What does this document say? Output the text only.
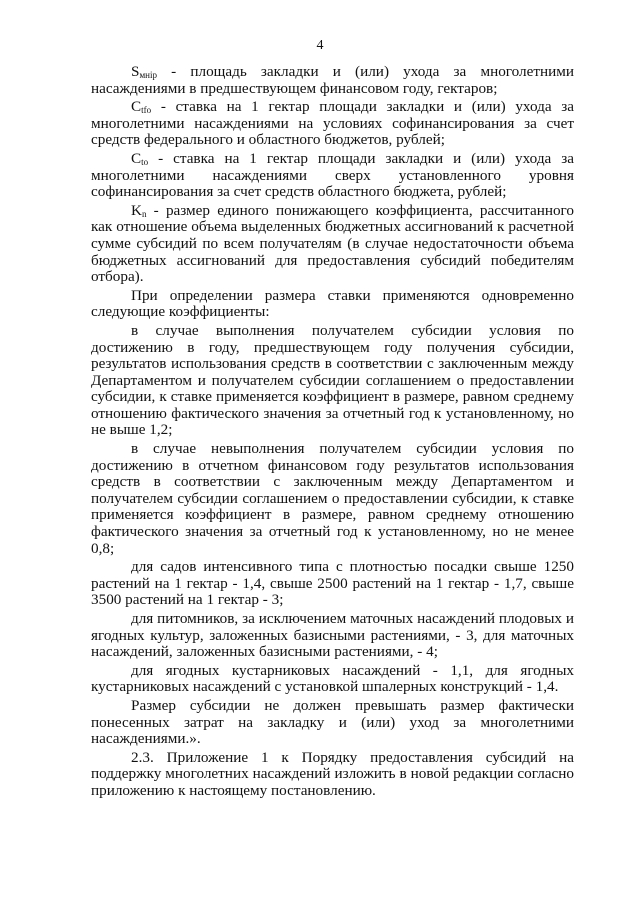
4

$S_{мнір}$ - площадь закладки и (или) ухода за многолетними насаждениями в предшествующем финансовом году, гектаров;

$C_{tfo}$ - ставка на 1 гектар площади закладки и (или) ухода за многолетними насаждениями на условиях софинансирования за счет средств федерального и областного бюджетов, рублей;

$C_{to}$ - ставка на 1 гектар площади закладки и (или) ухода за многолетними насаждениями сверх установленного уровня софинансирования за счет средств областного бюджета, рублей;

$K_n$ - размер единого понижающего коэффициента, рассчитанного как отношение объема выделенных бюджетных ассигнований к расчетной сумме субсидий по всем получателям (в случае недостаточности объема бюджетных ассигнований для предоставления субсидий победителям отбора).

При определении размера ставки применяются одновременно следующие коэффициенты:

в случае выполнения получателем субсидии условия по достижению в году, предшествующем году получения субсидии, результатов использования средств в соответствии с заключенным между Департаментом и получателем субсидии соглашением о предоставлении субсидии, к ставке применяется коэффициент в размере, равном среднему отношению фактического значения за отчетный год к установленному, но не выше 1,2;

в случае невыполнения получателем субсидии условия по достижению в отчетном финансовом году результатов использования средств в соответствии с заключенным между Департаментом и получателем субсидии соглашением о предоставлении субсидии, к ставке применяется коэффициент в размере, равном среднему отношению фактического значения за отчетный год к установленному, но не менее 0,8;

для садов интенсивного типа с плотностью посадки свыше 1250 растений на 1 гектар - 1,4, свыше 2500 растений на 1 гектар - 1,7, свыше 3500 растений на 1 гектар - 3;

для питомников, за исключением маточных насаждений плодовых и ягодных культур, заложенных базисными растениями, - 3, для маточных насаждений, заложенных базисными растениями, - 4;

для ягодных кустарниковых насаждений - 1,1, для ягодных кустарниковых насаждений с установкой шпалерных конструкций - 1,4.

Размер субсидии не должен превышать размер фактически понесенных затрат на закладку и (или) уход за многолетними насаждениями.».

2.3. Приложение 1 к Порядку предоставления субсидий на поддержку многолетних насаждений изложить в новой редакции согласно приложению к настоящему постановлению.
